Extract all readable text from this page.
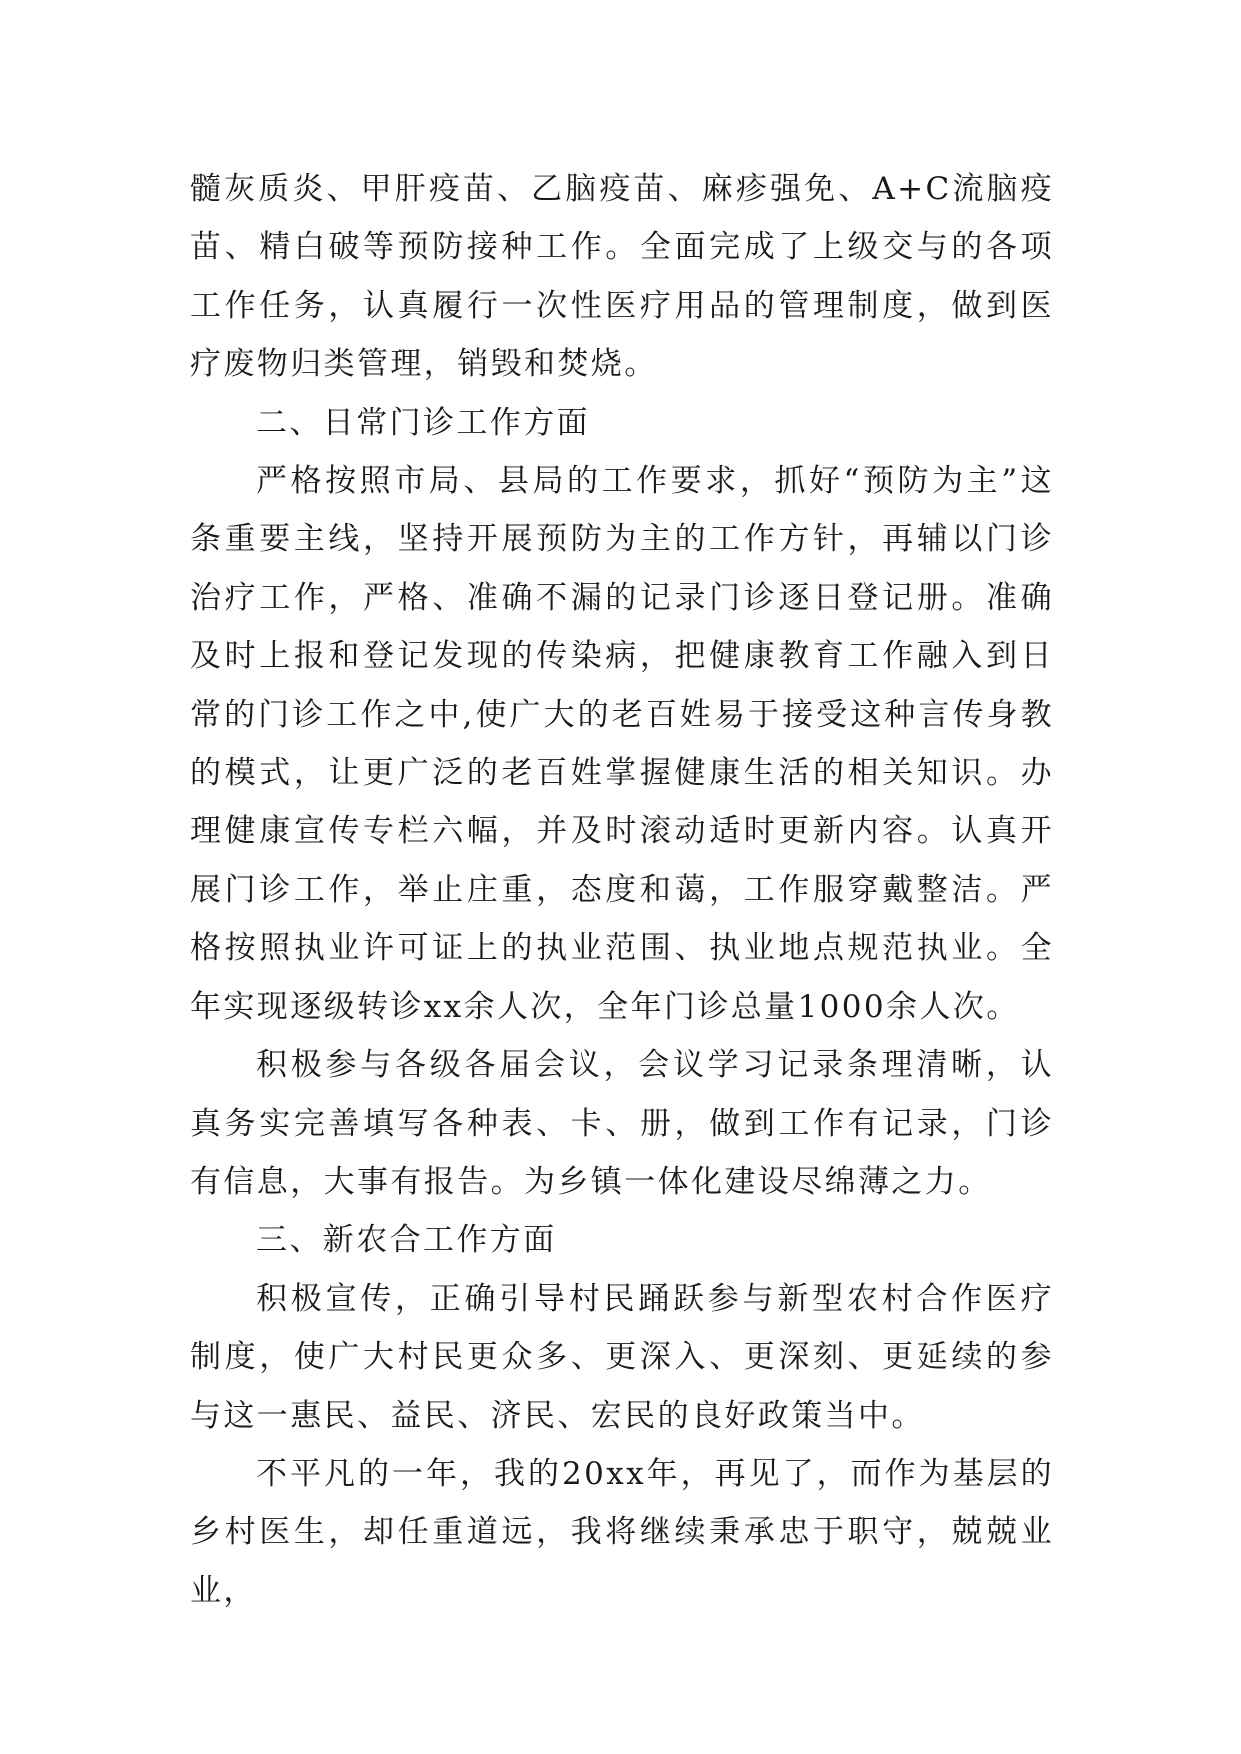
髓灰质炎、甲肝疫苗、乙脑疫苗、麻疹强免、A+C流脑疫苗、精白破等预防接种工作。全面完成了上级交与的各项工作任务，认真履行一次性医疗用品的管理制度，做到医疗废物归类管理，销毁和焚烧。

二、日常门诊工作方面

严格按照市局、县局的工作要求，抓好“预防为主”这条重要主线，坚持开展预防为主的工作方针，再辅以门诊治疗工作，严格、准确不漏的记录门诊逐日登记册。准确及时上报和登记发现的传染病，把健康教育工作融入到日常的门诊工作之中,使广大的老百姓易于接受这种言传身教的模式，让更广泛的老百姓掌握健康生活的相关知识。办理健康宣传专栏六幅，并及时滚动适时更新内容。认真开展门诊工作，举止庄重，态度和蔼，工作服穿戴整洁。严格按照执业许可证上的执业范围、执业地点规范执业。全年实现逐级转诊xx余人次，全年门诊总量1000余人次。

积极参与各级各届会议，会议学习记录条理清晰，认真务实完善填写各种表、卡、册，做到工作有记录，门诊有信息，大事有报告。为乡镇一体化建设尽绵薄之力。

三、新农合工作方面

积极宣传，正确引导村民踊跃参与新型农村合作医疗制度，使广大村民更众多、更深入、更深刻、更延续的参与这一惠民、益民、济民、宏民的良好政策当中。

不平凡的一年，我的20xx年，再见了，而作为基层的乡村医生，却任重道远，我将继续秉承忠于职守，兢兢业业，
